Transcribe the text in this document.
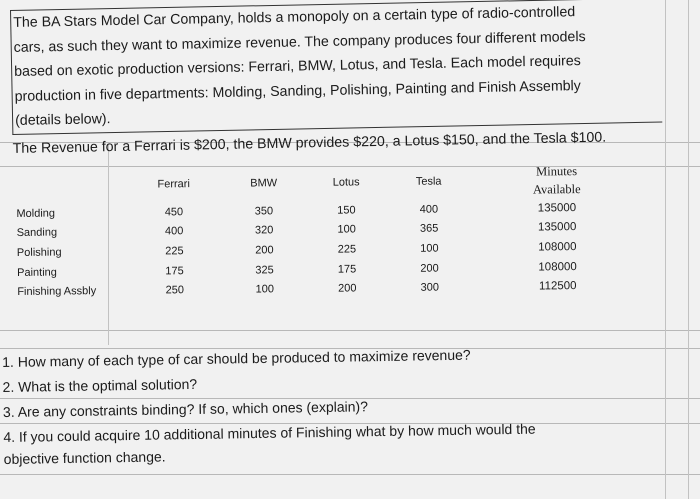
The BA Stars Model Car Company, holds a monopoly on a certain type of radio-controlled

cars, as such they want to maximize revenue. The company produces four different models

based on exotic production versions: Ferrari, BMW, Lotus, and Tesla. Each model requires

production in five departments: Molding, Sanding, Polishing, Painting and Finish Assembly

(details below).

The Revenue for a Ferrari is $200, the BMW provides $220, a Lotus $150, and the Tesla $100.

	Ferrari	BMW	Lotus	Tesla	Minutes
Available
Molding	450	350	150	400	135000
Sanding	400	320	100	365	135000
Polishing	225	200	225	100	108000
Painting	175	325	175	200	108000
Finishing Assbly	250	100	200	300	112500

1. How many of each type of car should be produced to maximize revenue?

2. What is the optimal solution?

3. Are any constraints binding? If so, which ones (explain)?

4. If you could acquire 10 additional minutes of Finishing what by how much would the

objective function change.
